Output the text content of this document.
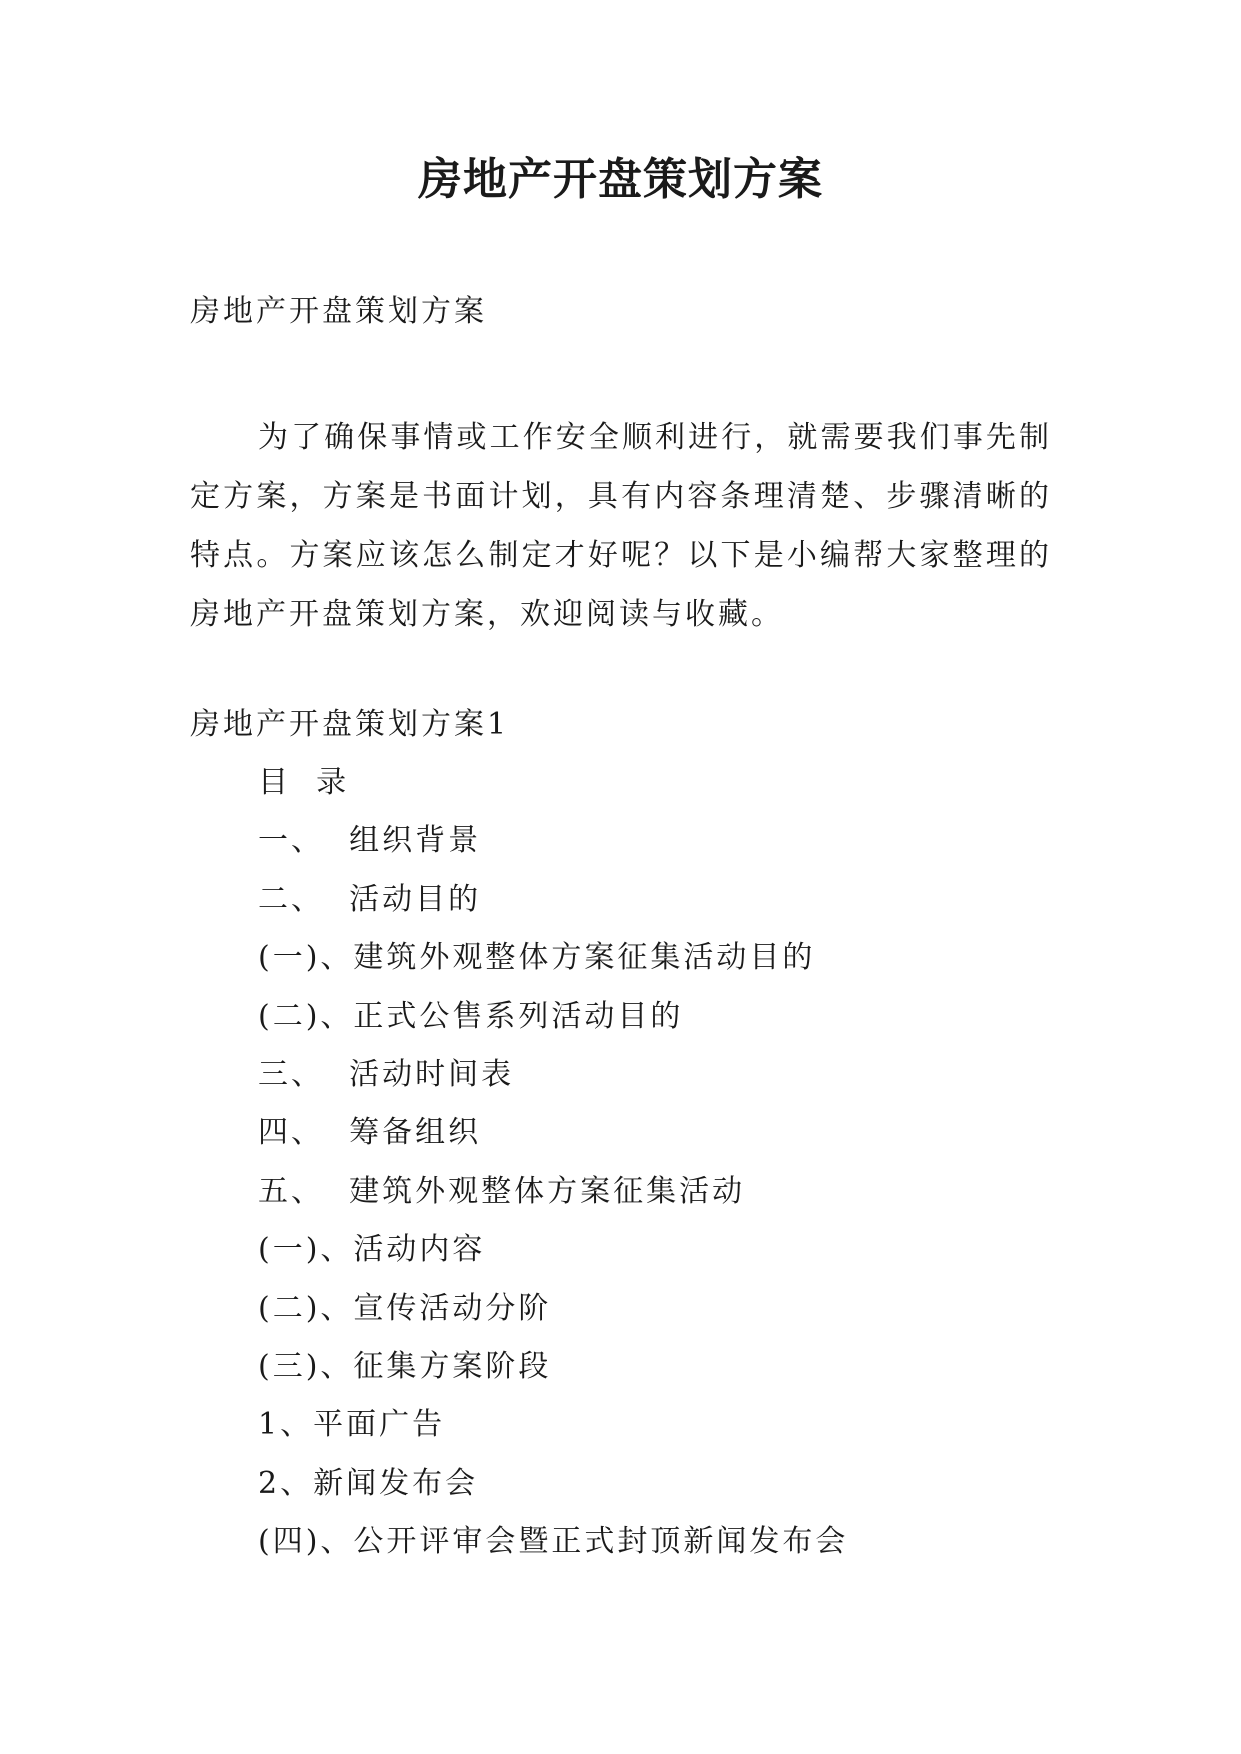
房地产开盘策划方案
房地产开盘策划方案

为了确保事情或工作安全顺利进行，就需要我们事先制定方案，方案是书面计划，具有内容条理清楚、步骤清晰的特点。方案应该怎么制定才好呢？以下是小编帮大家整理的房地产开盘策划方案，欢迎阅读与收藏。

房地产开盘策划方案1
目  录
一、  组织背景
二、  活动目的
(一)、建筑外观整体方案征集活动目的
(二)、正式公售系列活动目的
三、  活动时间表
四、  筹备组织
五、  建筑外观整体方案征集活动
(一)、活动内容
(二)、宣传活动分阶
(三)、征集方案阶段
1、平面广告
2、新闻发布会
(四)、公开评审会暨正式封顶新闻发布会
